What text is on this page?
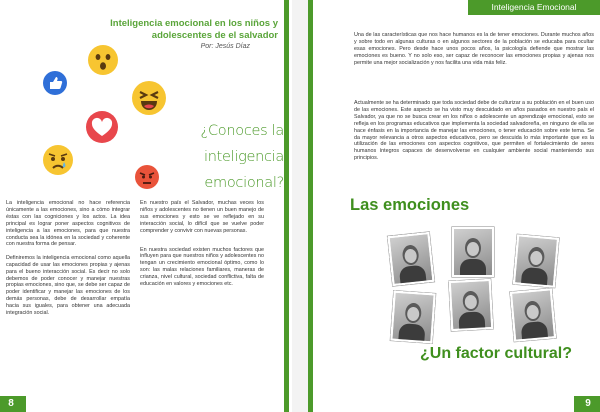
Inteligencia emocional en los niños y
adolescentes de el salvador
Por: Jesús Díaz
¿Conoces la inteligencia
emocional?

La inteligencia emocional no hace referencia únicamente a las emociones, sino a cómo integrar éstas con las cogniciones y los actos. La idea principal es lograr poner aspectos cognitivos de inteligencia a las emociones, para que nuestra conducta sea la idónea en la sociedad y coherente con nuestra forma de pensar.

Definiremos la inteligencia emocional como aquella capacidad de usar las emociones propias y ajenas para el bueno interacción social. Es decir no solo debemos de poder conocer y manejar nuestras propias emociones, sino que, se debe ser capaz de poder identificar y manejar las emociones de los demás personas, debe de desarrollar empatía hacia sus iguales, para obtener una adecuada integración social.

En nuestro país el Salvador, muchas veces los niños y adolescentes no tienen un buen manejo de sus emociones y esto se ve reflejado en su interacción social, lo difícil que se vuelve poder comprender y convivir con nuevas personas.

En nuestra sociedad existen muchos factores que influyen para que nuestros niños y adolescentes no tengan un crecimiento emocional óptimo, como lo son: las malas relaciones familiares, maneras de crianza, nivel cultural, sociedad conflictiva, falta de educación en valores y emociones etc.

8
Inteligencia Emocional

Una de las características que nos hace humanos es la de tener emociones. Durante muchos años y sobre todo en algunas culturas o en algunos sectores de la población se educaba para ocultar esas emociones. Pero desde hace unos pocos años, la psicología defiende que mostrar las emociones es bueno. Y no solo eso, ser capaz de reconocer las emociones propias y ajenas nos permite una mejor socialización y nos facilita una vida más feliz.

Actualmente se ha determinado que toda sociedad debe de culturizar a su población en el buen uso de las emociones. Este aspecto se ha visto muy descuidado en años pasados en nuestro país el Salvador, ya que no se busca crear en los niños o adolescente un aprendizaje emocional, esto se refleja en los programas educativos que implementa la sociedad salvadoreña, en ninguno de ella se hace énfasis en la importancia de manejar las emociones, o tener educación sobre este tema. Se da mayor relevancia a otros aspectos educativos, pero se descuida lo más importante que es la utilización de las emociones con aspectos cognitivos, que permiten el fortalecimiento de seres humanos íntegros capaces de desenvolverse en cualquier ambiente social manteniendo sus principios.

9
Las emociones
¿Un factor cultural?
